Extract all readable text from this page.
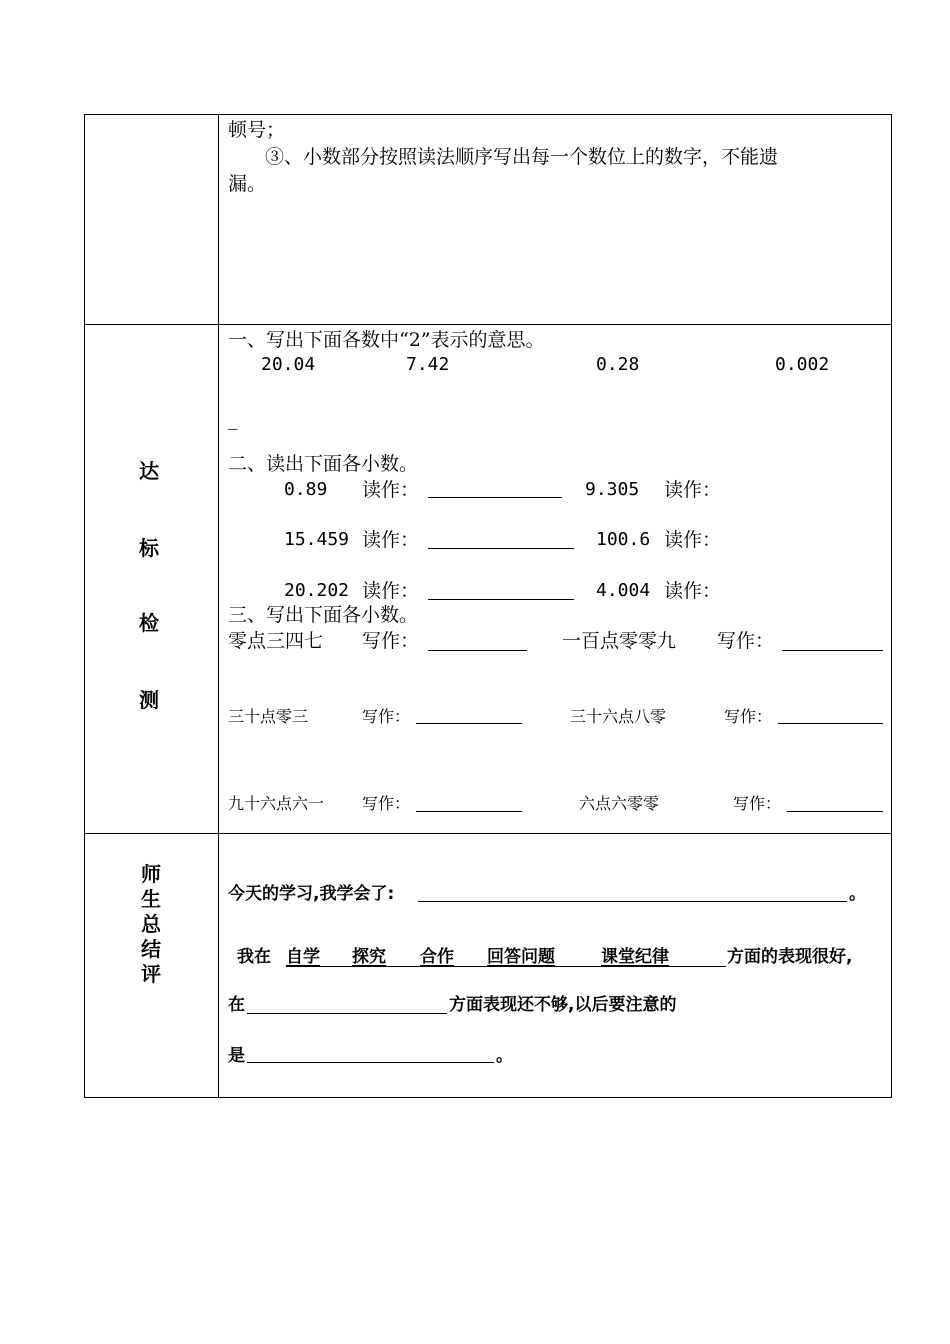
顿号；
③、小数部分按照读法顺序写出每一个数位上的数字，不能遗
漏。
达
标
检
测
一、写出下面各数中“2”表示的意思。
20.04	7.42	0.28	0.002
_
二、读出下面各小数。
0.89 读作：	9.305 读作：
15.459 读作：	100.6 读作：
20.202 读作：	4.004 读作：
三、写出下面各小数。
零点三四七 写作：	一百点零零九 写作：
三十点零三	写作：	三十六点八零	写作：
九十六点六一 写作：	六点六零零	写作：
师
生
总
结
评
今天的学习,我学会了:	。
我在 自学 探究 合作 回答问题	课堂纪律	方面的表现很好,
在	方面表现还不够,以后要注意的
是	。
